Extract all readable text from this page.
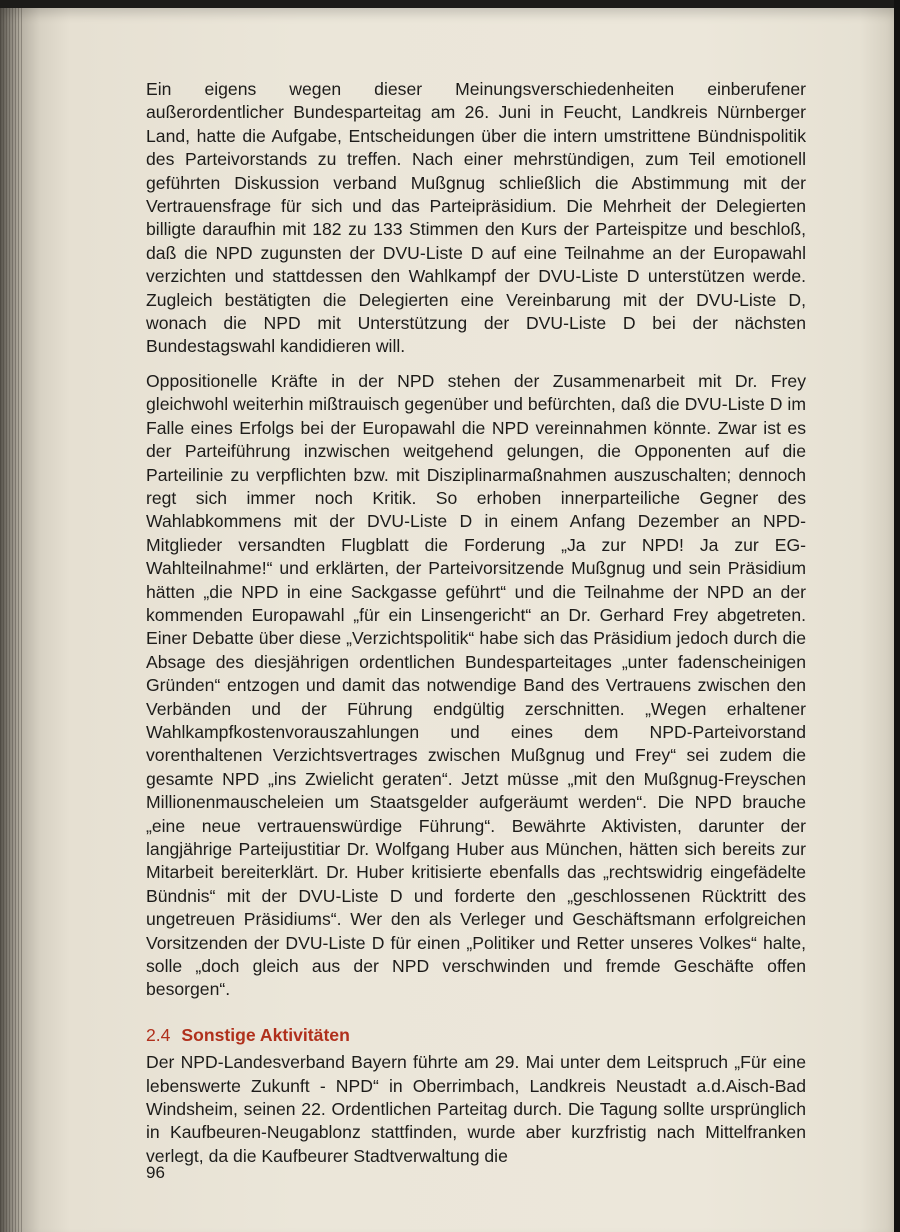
Ein eigens wegen dieser Meinungsverschiedenheiten einberufener außerordentlicher Bundesparteitag am 26. Juni in Feucht, Landkreis Nürnberger Land, hatte die Aufgabe, Entscheidungen über die intern umstrittene Bündnispolitik des Parteivorstands zu treffen. Nach einer mehrstündigen, zum Teil emotionell geführten Diskussion verband Mußgnug schließlich die Abstimmung mit der Vertrauensfrage für sich und das Parteipräsidium. Die Mehrheit der Delegierten billigte daraufhin mit 182 zu 133 Stimmen den Kurs der Parteispitze und beschloß, daß die NPD zugunsten der DVU-Liste D auf eine Teilnahme an der Europawahl verzichten und stattdessen den Wahlkampf der DVU-Liste D unterstützen werde. Zugleich bestätigten die Delegierten eine Vereinbarung mit der DVU-Liste D, wonach die NPD mit Unterstützung der DVU-Liste D bei der nächsten Bundestagswahl kandidieren will.

Oppositionelle Kräfte in der NPD stehen der Zusammenarbeit mit Dr. Frey gleichwohl weiterhin mißtrauisch gegenüber und befürchten, daß die DVU-Liste D im Falle eines Erfolgs bei der Europawahl die NPD vereinnahmen könnte. Zwar ist es der Parteiführung inzwischen weitgehend gelungen, die Opponenten auf die Parteilinie zu verpflichten bzw. mit Disziplinarmaßnahmen auszuschalten; dennoch regt sich immer noch Kritik. So erhoben innerparteiliche Gegner des Wahlabkommens mit der DVU-Liste D in einem Anfang Dezember an NPD-Mitglieder versandten Flugblatt die Forderung „Ja zur NPD! Ja zur EG-Wahlteilnahme!“ und erklärten, der Parteivorsitzende Mußgnug und sein Präsidium hätten „die NPD in eine Sackgasse geführt“ und die Teilnahme der NPD an der kommenden Europawahl „für ein Linsengericht“ an Dr. Gerhard Frey abgetreten. Einer Debatte über diese „Verzichtspolitik“ habe sich das Präsidium jedoch durch die Absage des diesjährigen ordentlichen Bundesparteitages „unter fadenscheinigen Gründen“ entzogen und damit das notwendige Band des Vertrauens zwischen den Verbänden und der Führung endgültig zerschnitten. „Wegen erhaltener Wahlkampfkostenvorauszahlungen und eines dem NPD-Parteivorstand vorenthaltenen Verzichtsvertrages zwischen Mußgnug und Frey“ sei zudem die gesamte NPD „ins Zwielicht geraten“. Jetzt müsse „mit den Mußgnug-Freyschen Millionenmauscheleien um Staatsgelder aufgeräumt werden“. Die NPD brauche „eine neue vertrauenswürdige Führung“. Bewährte Aktivisten, darunter der langjährige Parteijustitiar Dr. Wolfgang Huber aus München, hätten sich bereits zur Mitarbeit bereiterklärt. Dr. Huber kritisierte ebenfalls das „rechtswidrig eingefädelte Bündnis“ mit der DVU-Liste D und forderte den „geschlossenen Rücktritt des ungetreuen Präsidiums“. Wer den als Verleger und Geschäftsmann erfolgreichen Vorsitzenden der DVU-Liste D für einen „Politiker und Retter unseres Volkes“ halte, solle „doch gleich aus der NPD verschwinden und fremde Geschäfte offen besorgen“.

2.4 Sonstige Aktivitäten

Der NPD-Landesverband Bayern führte am 29. Mai unter dem Leitspruch „Für eine lebenswerte Zukunft - NPD“ in Oberrimbach, Landkreis Neustadt a.d.Aisch-Bad Windsheim, seinen 22. Ordentlichen Parteitag durch. Die Tagung sollte ursprünglich in Kaufbeuren-Neugablonz stattfinden, wurde aber kurzfristig nach Mittelfranken verlegt, da die Kaufbeurer Stadtverwaltung die

96
